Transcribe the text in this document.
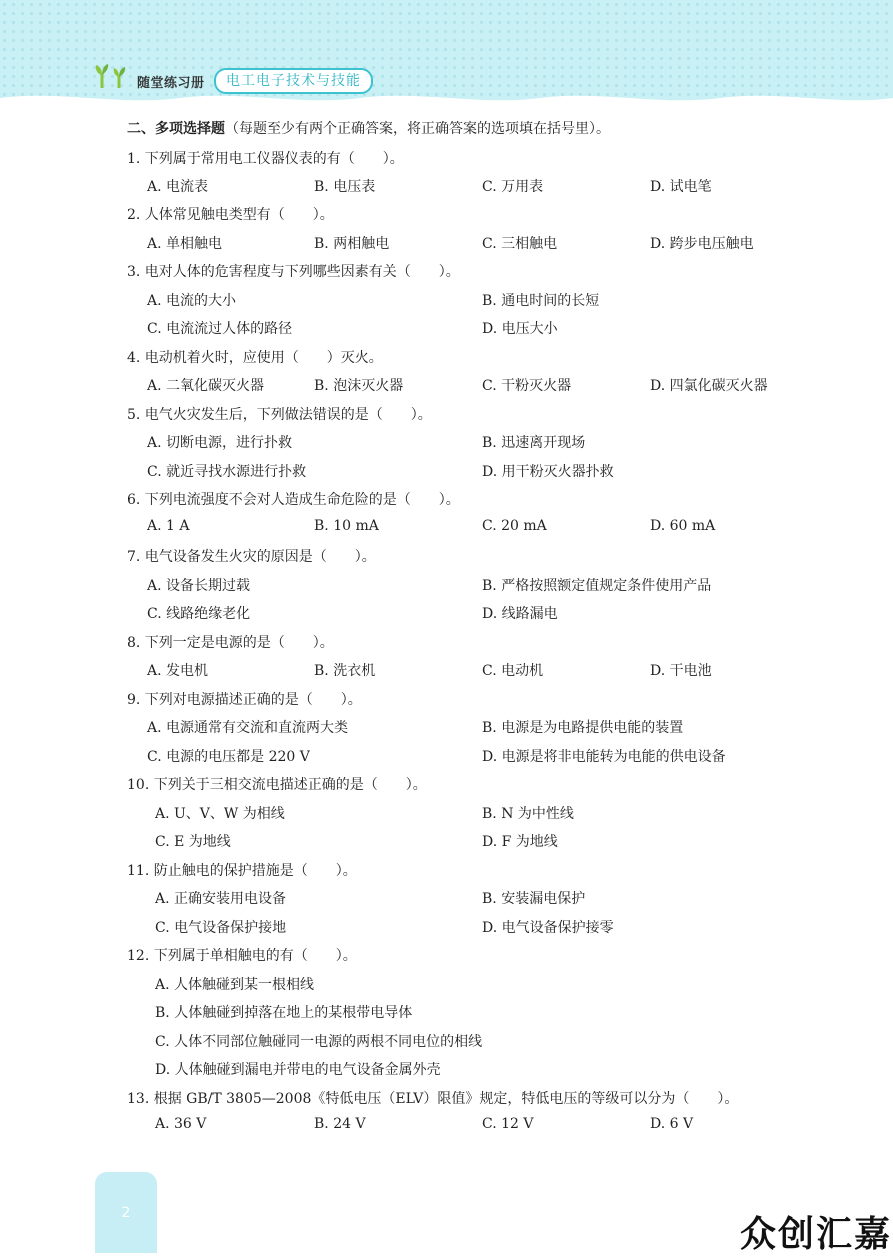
随堂练习册	电工电子技术与技能
二、多项选择题（每题至少有两个正确答案，将正确答案的选项填在括号里）。
1. 下列属于常用电工仪器仪表的有（　　）。
A. 电流表	B. 电压表	C. 万用表	D. 试电笔
2. 人体常见触电类型有（　　）。
A. 单相触电	B. 两相触电	C. 三相触电	D. 跨步电压触电
3. 电对人体的危害程度与下列哪些因素有关（　　）。
A. 电流的大小	B. 通电时间的长短
C. 电流流过人体的路径	D. 电压大小
4. 电动机着火时，应使用（　　）灭火。
A. 二氧化碳灭火器	B. 泡沫灭火器	C. 干粉灭火器	D. 四氯化碳灭火器
5. 电气火灾发生后，下列做法错误的是（　　）。
A. 切断电源，进行扑救	B. 迅速离开现场
C. 就近寻找水源进行扑救	D. 用干粉灭火器扑救
6. 下列电流强度不会对人造成生命危险的是（　　）。
A. 1 A	B. 10 mA	C. 20 mA	D. 60 mA
7. 电气设备发生火灾的原因是（　　）。
A. 设备长期过载	B. 严格按照额定值规定条件使用产品
C. 线路绝缘老化	D. 线路漏电
8. 下列一定是电源的是（　　）。
A. 发电机	B. 洗衣机	C. 电动机	D. 干电池
9. 下列对电源描述正确的是（　　）。
A. 电源通常有交流和直流两大类	B. 电源是为电路提供电能的装置
C. 电源的电压都是 220 V	D. 电源是将非电能转为电能的供电设备
10. 下列关于三相交流电描述正确的是（　　）。
A. U、V、W 为相线	B. N 为中性线
C. E 为地线	D. F 为地线
11. 防止触电的保护措施是（　　）。
A. 正确安装用电设备	B. 安装漏电保护
C. 电气设备保护接地	D. 电气设备保护接零
12. 下列属于单相触电的有（　　）。
A. 人体触碰到某一根相线
B. 人体触碰到掉落在地上的某根带电导体
C. 人体不同部位触碰同一电源的两根不同电位的相线
D. 人体触碰到漏电并带电的电气设备金属外壳
13. 根据 GB/T 3805—2008《特低电压（ELV）限值》规定，特低电压的等级可以分为（　　）。
A. 36 V	B. 24 V	C. 12 V	D. 6 V
2
众创汇嘉
